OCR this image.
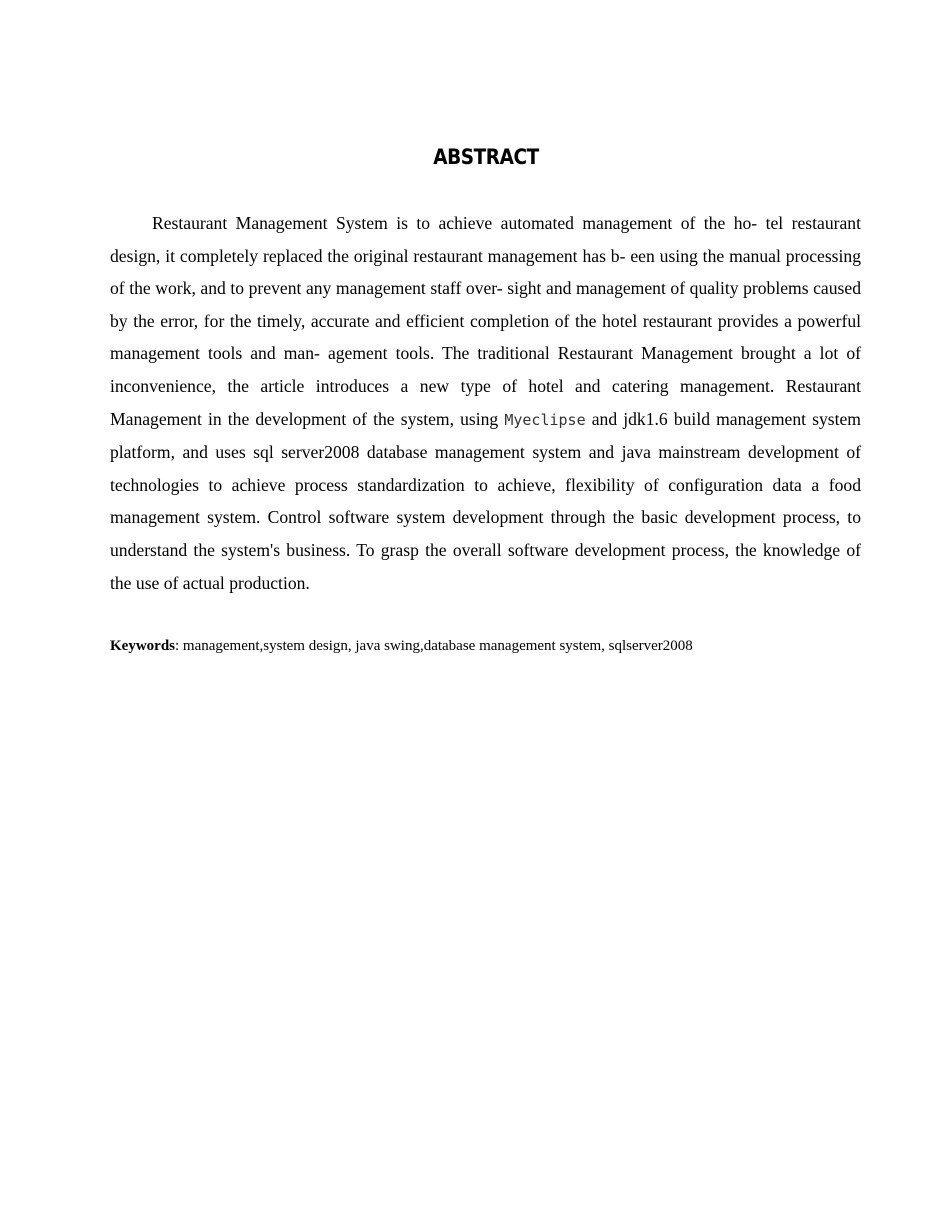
ABSTRACT

Restaurant Management System is to achieve automated management of the ho- tel restaurant design, it completely replaced the original restaurant management has b- een using the manual processing of the work, and to prevent any management staff over- sight and management of quality problems caused by the error, for the timely, accurate and efficient completion of the hotel restaurant provides a powerful management tools and man- agement tools. The traditional Restaurant Management brought a lot of inconvenience, the article introduces a new type of hotel and catering management. Restaurant Management in the development of the system, using Myeclipse and jdk1.6 build management system platform, and uses sql server2008 database management system and java mainstream development of technologies to achieve process standardization to achieve, flexibility of configuration data a food management system. Control software system development through the basic development process, to understand the system's business. To grasp the overall software development process, the knowledge of the use of actual production.

Keywords: management,system design, java swing,database management system, sqlserver2008
